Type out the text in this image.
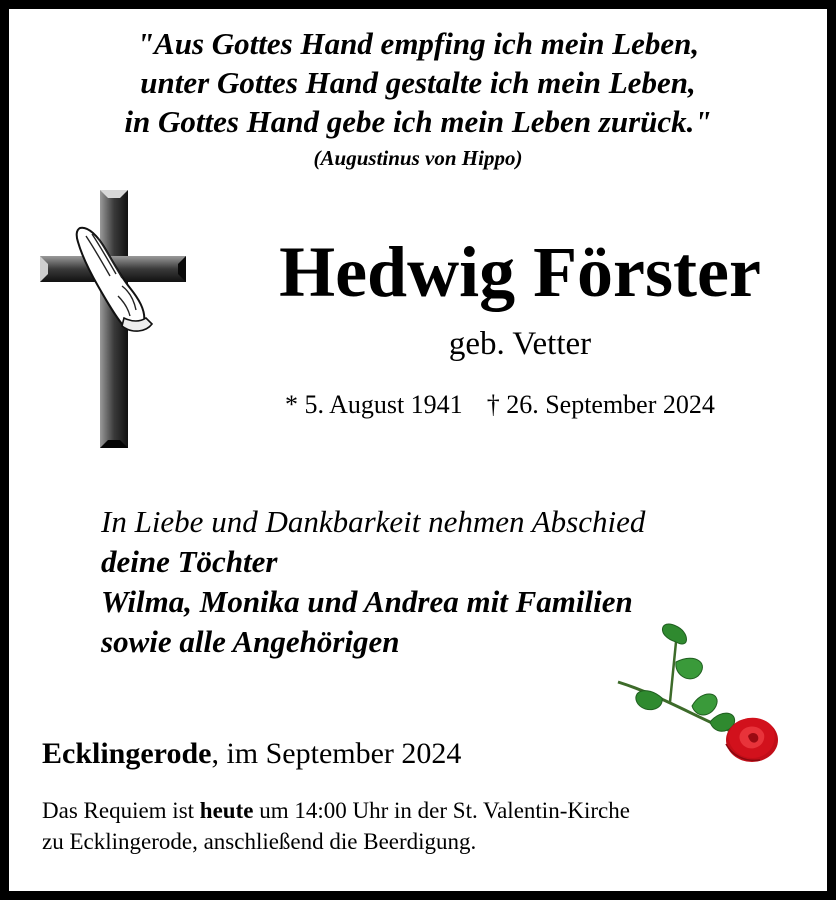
"Aus Gottes Hand empfing ich mein Leben,
unter Gottes Hand gestalte ich mein Leben,
in Gottes Hand gebe ich mein Leben zurück."
(Augustinus von Hippo)
Hedwig Förster
geb. Vetter
* 5. August 1941 † 26. September 2024
In Liebe und Dankbarkeit nehmen Abschied
deine Töchter
Wilma, Monika und Andrea mit Familien
sowie alle Angehörigen
Ecklingerode, im September 2024
Das Requiem ist heute um 14:00 Uhr in der St. Valentin-Kirche
zu Ecklingerode, anschließend die Beerdigung.
